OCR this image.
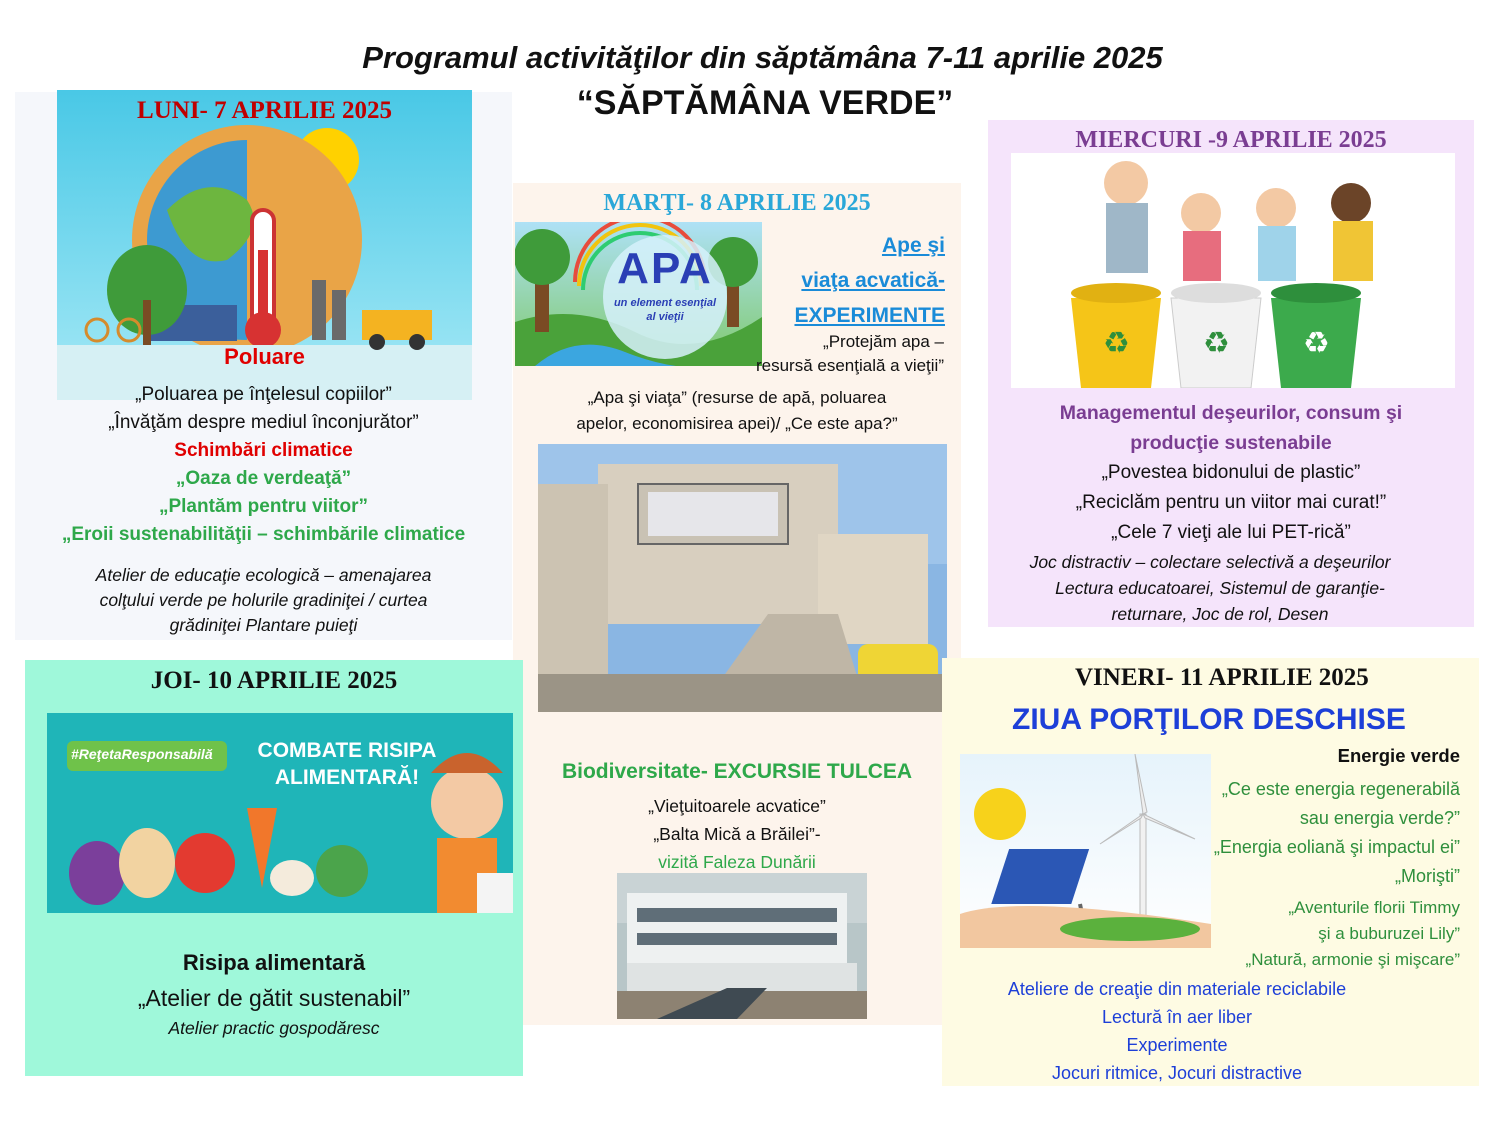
Programul activităţilor din săptămâna 7-11 aprilie 2025
“SĂPTĂMÂNA VERDE”
LUNI- 7 APRILIE 2025
Poluare
„Poluarea pe înţelesul copiilor”
„Învăţăm despre mediul înconjurător”
Schimbări climatice
„Oaza de verdeaţă”
„Plantăm pentru viitor”
„Eroii sustenabilităţii – schimbările climatice
Atelier de educaţie ecologică – amenajarea
colţului verde pe holurile gradiniţei / curtea
grădiniţei Plantare puieţi
MARŢI- 8 APRILIE 2025
APA
un element esenţial
al vieţii
Ape şi
viaţa acvatică-
EXPERIMENTE
„Protejăm apa –
resursă esenţială a vieţii”
„Apa şi viaţa” (resurse de apă, poluarea
apelor, economisirea apei)/ „Ce este apa?”
Biodiversitate- EXCURSIE TULCEA
„Vieţuitoarele acvatice”
„Balta Mică a Brăilei”-
vizită Faleza Dunării
MIERCURI -9 APRILIE 2025
♻ ♻ ♻
Managementul deşeurilor, consum şi
producţie sustenabile
„Povestea bidonului de plastic”
„Reciclăm pentru un viitor mai curat!”
„Cele 7 vieţi ale lui PET-rică”
Joc distractiv – colectare selectivă a deşeurilor
Lectura educatoarei, Sistemul de garanţie-
returnare, Joc de rol, Desen
JOI- 10 APRILIE 2025
#ReţetaResponsabilă	COMBATE RISIPA
ALIMENTARĂ!
Risipa alimentară
„Atelier de gătit sustenabil”
Atelier practic gospodăresc
VINERI- 11 APRILIE 2025
ZIUA PORŢILOR DESCHISE
Energie verde
„Ce este energia regenerabilă
sau energia verde?”
„Energia eoliană şi impactul ei”
„Morişti”
„Aventurile florii Timmy
şi a buburuzei Lily”
„Natură, armonie şi mişcare”
Ateliere de creaţie din materiale reciclabile
Lectură în aer liber
Experimente
Jocuri ritmice, Jocuri distractive
